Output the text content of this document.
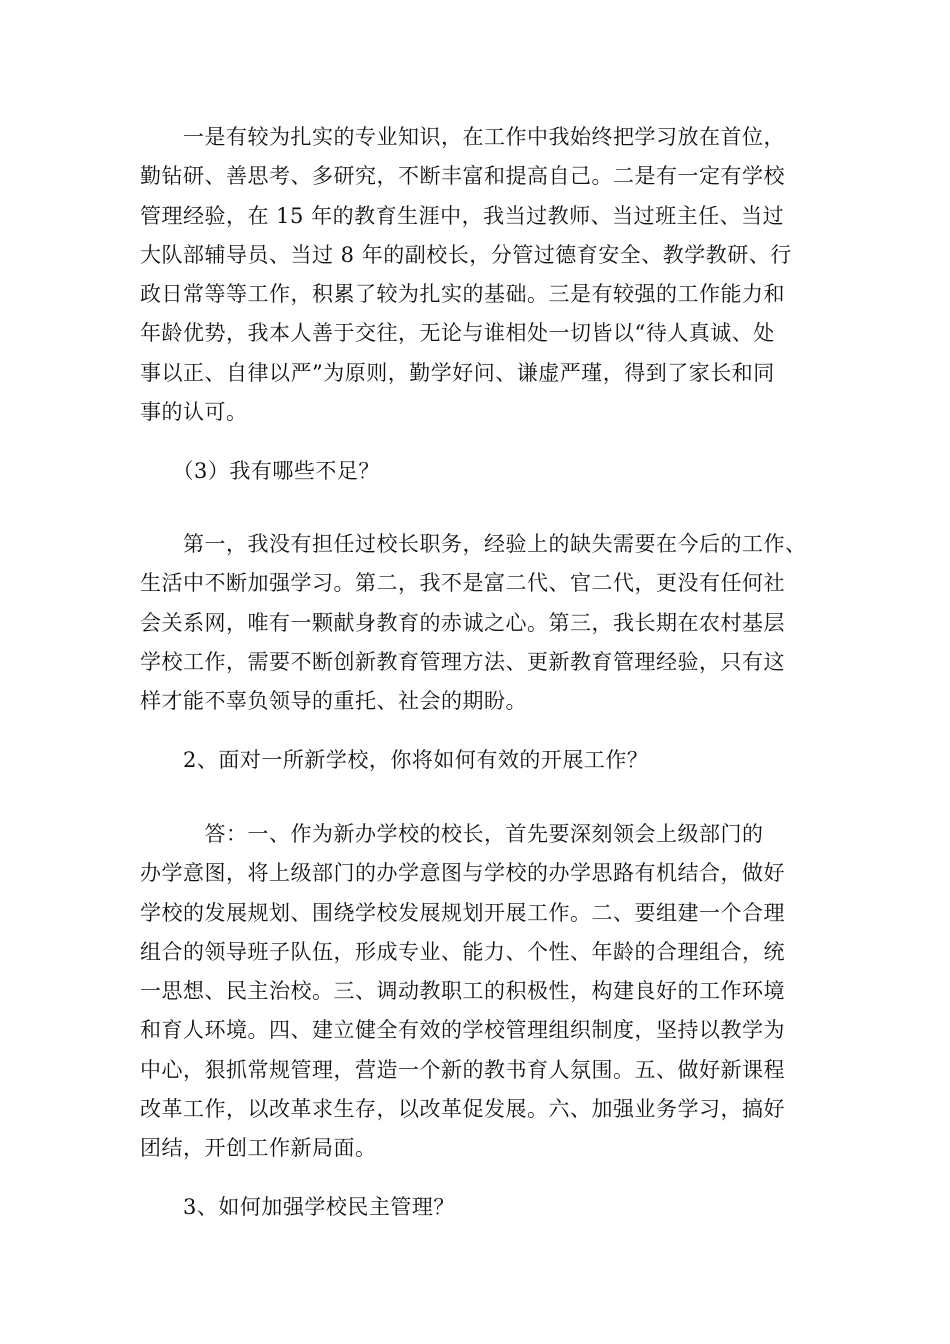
　　一是有较为扎实的专业知识，在工作中我始终把学习放在首位，

勤钻研、善思考、多研究，不断丰富和提高自己。二是有一定有学校

管理经验，在 15 年的教育生涯中，我当过教师、当过班主任、当过

大队部辅导员、当过 8 年的副校长，分管过德育安全、教学教研、行

政日常等等工作，积累了较为扎实的基础。三是有较强的工作能力和

年龄优势，我本人善于交往，无论与谁相处一切皆以“待人真诚、处

事以正、自律以严”为原则，勤学好问、谦虚严瑾，得到了家长和同

事的认可。

　　（3）我有哪些不足？

　　第一，我没有担任过校长职务，经验上的缺失需要在今后的工作、

生活中不断加强学习。第二，我不是富二代、官二代，更没有任何社

会关系网，唯有一颗献身教育的赤诚之心。第三，我长期在农村基层

学校工作，需要不断创新教育管理方法、更新教育管理经验，只有这

样才能不辜负领导的重托、社会的期盼。

　　2、面对一所新学校，你将如何有效的开展工作？

　　　答：一、作为新办学校的校长，首先要深刻领会上级部门的

办学意图，将上级部门的办学意图与学校的办学思路有机结合，做好

学校的发展规划、围绕学校发展规划开展工作。二、要组建一个合理

组合的领导班子队伍，形成专业、能力、个性、年龄的合理组合，统

一思想、民主治校。三、调动教职工的积极性，构建良好的工作环境

和育人环境。四、建立健全有效的学校管理组织制度，坚持以教学为

中心，狠抓常规管理，营造一个新的教书育人氛围。五、做好新课程

改革工作，以改革求生存，以改革促发展。六、加强业务学习，搞好

团结，开创工作新局面。

　　3、如何加强学校民主管理？
